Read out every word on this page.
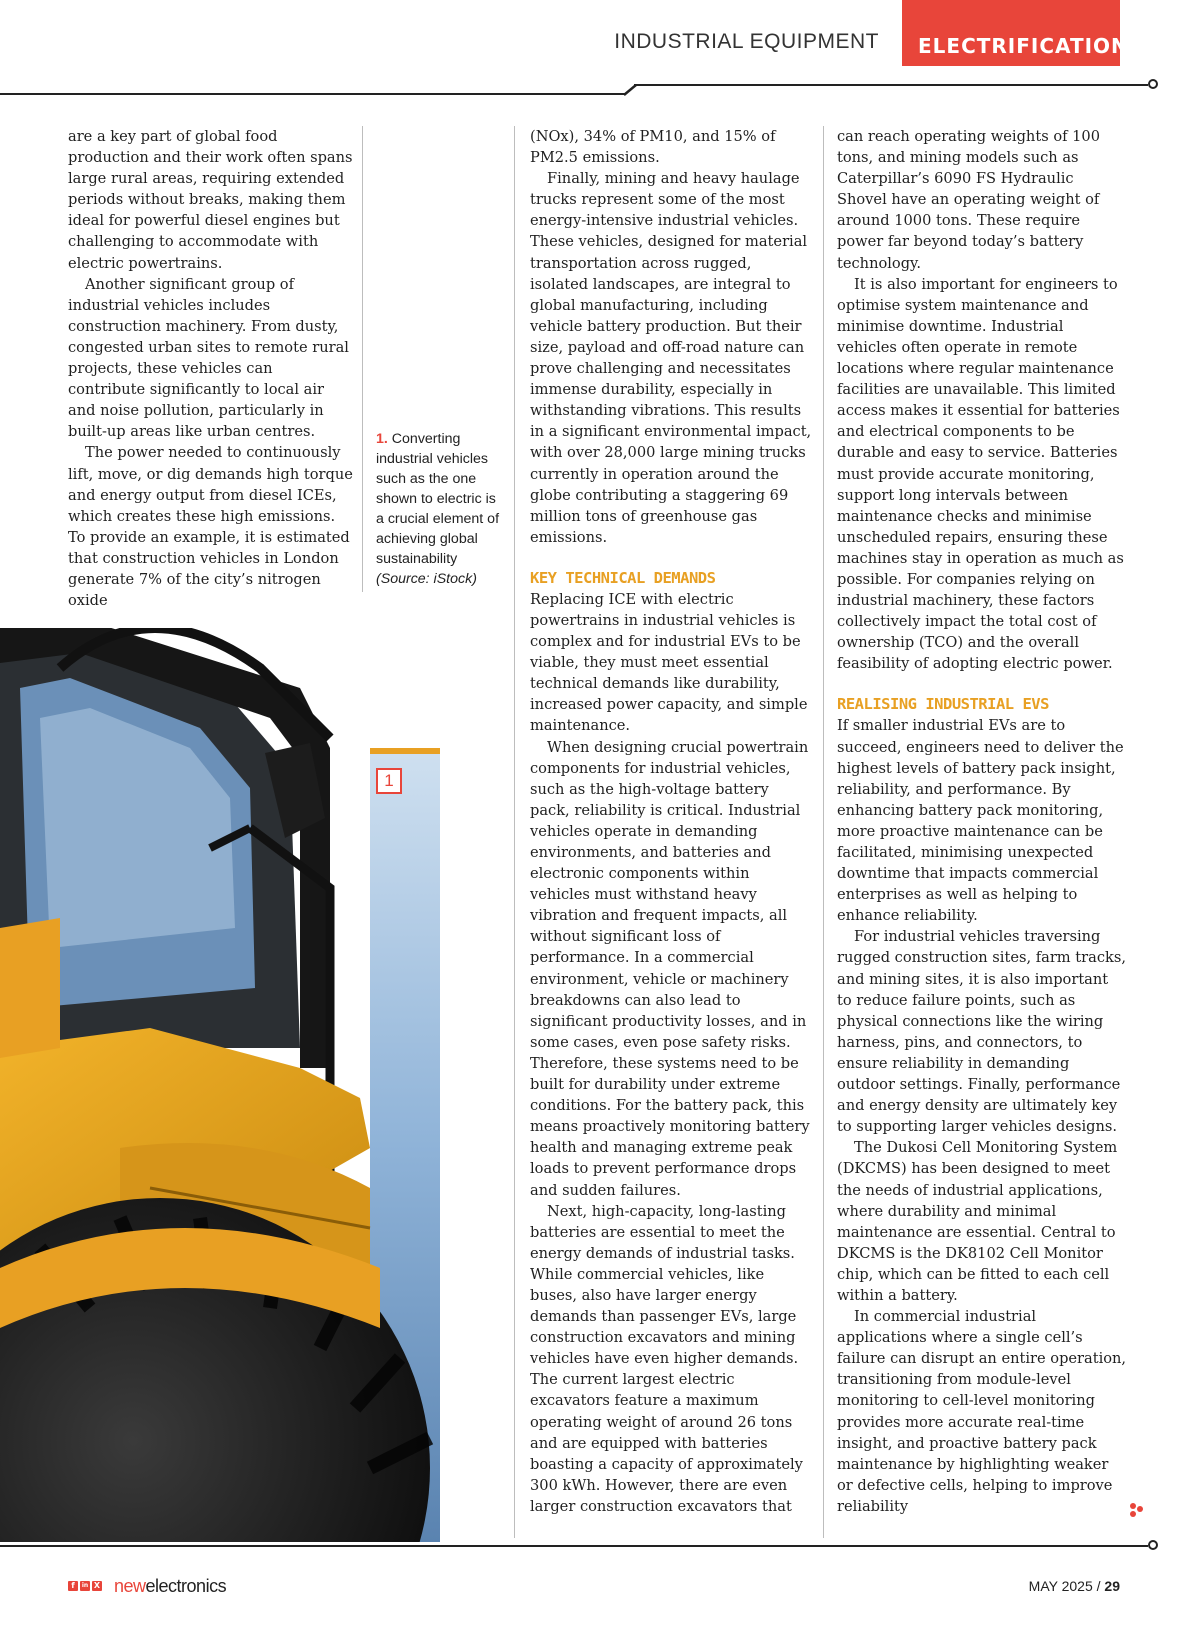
INDUSTRIAL EQUIPMENT ELECTRIFICATION

are a key part of global food production and their work often spans large rural areas, requiring extended periods without breaks, making them ideal for powerful diesel engines but challenging to accommodate with electric powertrains.

Another significant group of industrial vehicles includes construction machinery. From dusty, congested urban sites to remote rural projects, these vehicles can contribute significantly to local air and noise pollution, particularly in built-up areas like urban centres.

The power needed to continuously lift, move, or dig demands high torque and energy output from diesel ICEs, which creates these high emissions. To provide an example, it is estimated that construction vehicles in London generate 7% of the city’s nitrogen oxide

1. Converting industrial vehicles such as the one shown to electric is a crucial element of achieving global sustainability (Source: iStock)
1

(NOx), 34% of PM10, and 15% of PM2.5 emissions.

Finally, mining and heavy haulage trucks represent some of the most energy-intensive industrial vehicles. These vehicles, designed for material transportation across rugged, isolated landscapes, are integral to global manufacturing, including vehicle battery production. But their size, payload and off-road nature can prove challenging and necessitates immense durability, especially in withstanding vibrations. This results in a significant environmental impact, with over 28,000 large mining trucks currently in operation around the globe contributing a staggering 69 million tons of greenhouse gas emissions.

KEY TECHNICAL DEMANDS

Replacing ICE with electric powertrains in industrial vehicles is complex and for industrial EVs to be viable, they must meet essential technical demands like durability, increased power capacity, and simple maintenance.

When designing crucial powertrain components for industrial vehicles, such as the high-voltage battery pack, reliability is critical. Industrial vehicles operate in demanding environments, and batteries and electronic components within vehicles must withstand heavy vibration and frequent impacts, all without significant loss of performance. In a commercial environment, vehicle or machinery breakdowns can also lead to significant productivity losses, and in some cases, even pose safety risks. Therefore, these systems need to be built for durability under extreme conditions. For the battery pack, this means proactively monitoring battery health and managing extreme peak loads to prevent performance drops and sudden failures.

Next, high-capacity, long-lasting batteries are essential to meet the energy demands of industrial tasks. While commercial vehicles, like buses, also have larger energy demands than passenger EVs, large construction excavators and mining vehicles have even higher demands. The current largest electric excavators feature a maximum operating weight of around 26 tons and are equipped with batteries boasting a capacity of approximately 300 kWh. However, there are even larger construction excavators that

can reach operating weights of 100 tons, and mining models such as Caterpillar’s 6090 FS Hydraulic Shovel have an operating weight of around 1000 tons. These require power far beyond today’s battery technology.

It is also important for engineers to optimise system maintenance and minimise downtime. Industrial vehicles often operate in remote locations where regular maintenance facilities are unavailable. This limited access makes it essential for batteries and electrical components to be durable and easy to service. Batteries must provide accurate monitoring, support long intervals between maintenance checks and minimise unscheduled repairs, ensuring these machines stay in operation as much as possible. For companies relying on industrial machinery, these factors collectively impact the total cost of ownership (TCO) and the overall feasibility of adopting electric power.

REALISING INDUSTRIAL EVS

If smaller industrial EVs are to succeed, engineers need to deliver the highest levels of battery pack insight, reliability, and performance. By enhancing battery pack monitoring, more proactive maintenance can be facilitated, minimising unexpected downtime that impacts commercial enterprises as well as helping to enhance reliability.

For industrial vehicles traversing rugged construction sites, farm tracks, and mining sites, it is also important to reduce failure points, such as physical connections like the wiring harness, pins, and connectors, to ensure reliability in demanding outdoor settings. Finally, performance and energy density are ultimately key to supporting larger vehicles designs.

The Dukosi Cell Monitoring System (DKCMS) has been designed to meet the needs of industrial applications, where durability and minimal maintenance are essential. Central to DKCMS is the DK8102 Cell Monitor chip, which can be fitted to each cell within a battery.

In commercial industrial applications where a single cell’s failure can disrupt an entire operation, transitioning from module-level monitoring to cell-level monitoring provides more accurate real-time insight, and proactive battery pack maintenance by highlighting weaker or defective cells, helping to improve reliability

f	in X newelectronics	MAY 2025 / 29
